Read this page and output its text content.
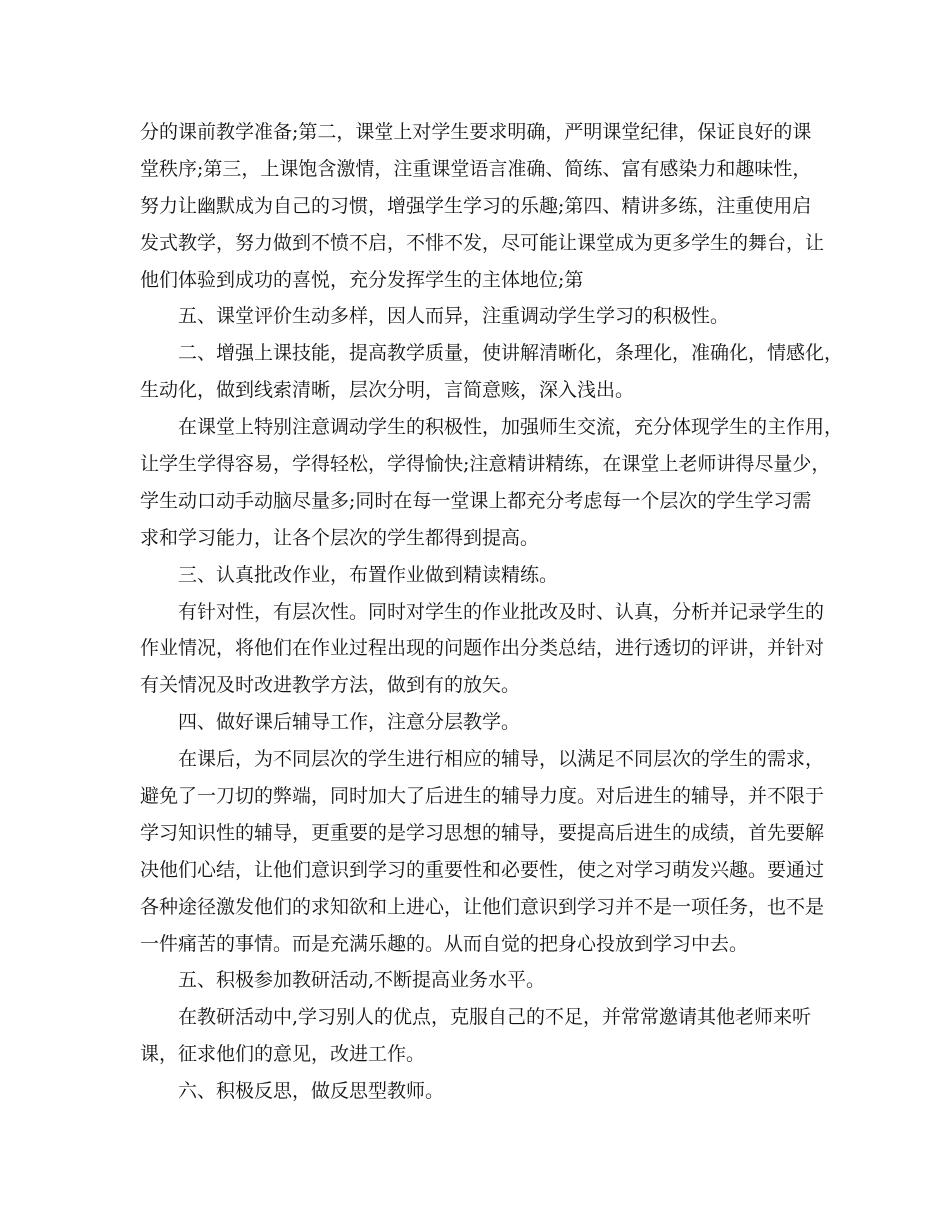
分的课前教学准备;第二，课堂上对学生要求明确，严明课堂纪律，保证良好的课
堂秩序;第三，上课饱含激情，注重课堂语言准确、简练、富有感染力和趣味性，
努力让幽默成为自己的习惯，增强学生学习的乐趣;第四、精讲多练，注重使用启
发式教学，努力做到不愤不启，不悱不发，尽可能让课堂成为更多学生的舞台，让
他们体验到成功的喜悦，充分发挥学生的主体地位;第
五、课堂评价生动多样，因人而异，注重调动学生学习的积极性。
二、增强上课技能，提高教学质量，使讲解清晰化，条理化，准确化，情感化，
生动化，做到线索清晰，层次分明，言简意赅，深入浅出。
在课堂上特别注意调动学生的积极性，加强师生交流，充分体现学生的主作用，
让学生学得容易，学得轻松，学得愉快;注意精讲精练，在课堂上老师讲得尽量少，
学生动口动手动脑尽量多;同时在每一堂课上都充分考虑每一个层次的学生学习需
求和学习能力，让各个层次的学生都得到提高。
三、认真批改作业，布置作业做到精读精练。
有针对性，有层次性。同时对学生的作业批改及时、认真，分析并记录学生的
作业情况，将他们在作业过程出现的问题作出分类总结，进行透切的评讲，并针对
有关情况及时改进教学方法，做到有的放矢。
四、做好课后辅导工作，注意分层教学。
在课后，为不同层次的学生进行相应的辅导，以满足不同层次的学生的需求，
避免了一刀切的弊端，同时加大了后进生的辅导力度。对后进生的辅导，并不限于
学习知识性的辅导，更重要的是学习思想的辅导，要提高后进生的成绩，首先要解
决他们心结，让他们意识到学习的重要性和必要性，使之对学习萌发兴趣。要通过
各种途径激发他们的求知欲和上进心，让他们意识到学习并不是一项任务，也不是
一件痛苦的事情。而是充满乐趣的。从而自觉的把身心投放到学习中去。
五、积极参加教研活动,不断提高业务水平。
在教研活动中,学习别人的优点，克服自己的不足，并常常邀请其他老师来听
课，征求他们的意见，改进工作。
六、积极反思，做反思型教师。
